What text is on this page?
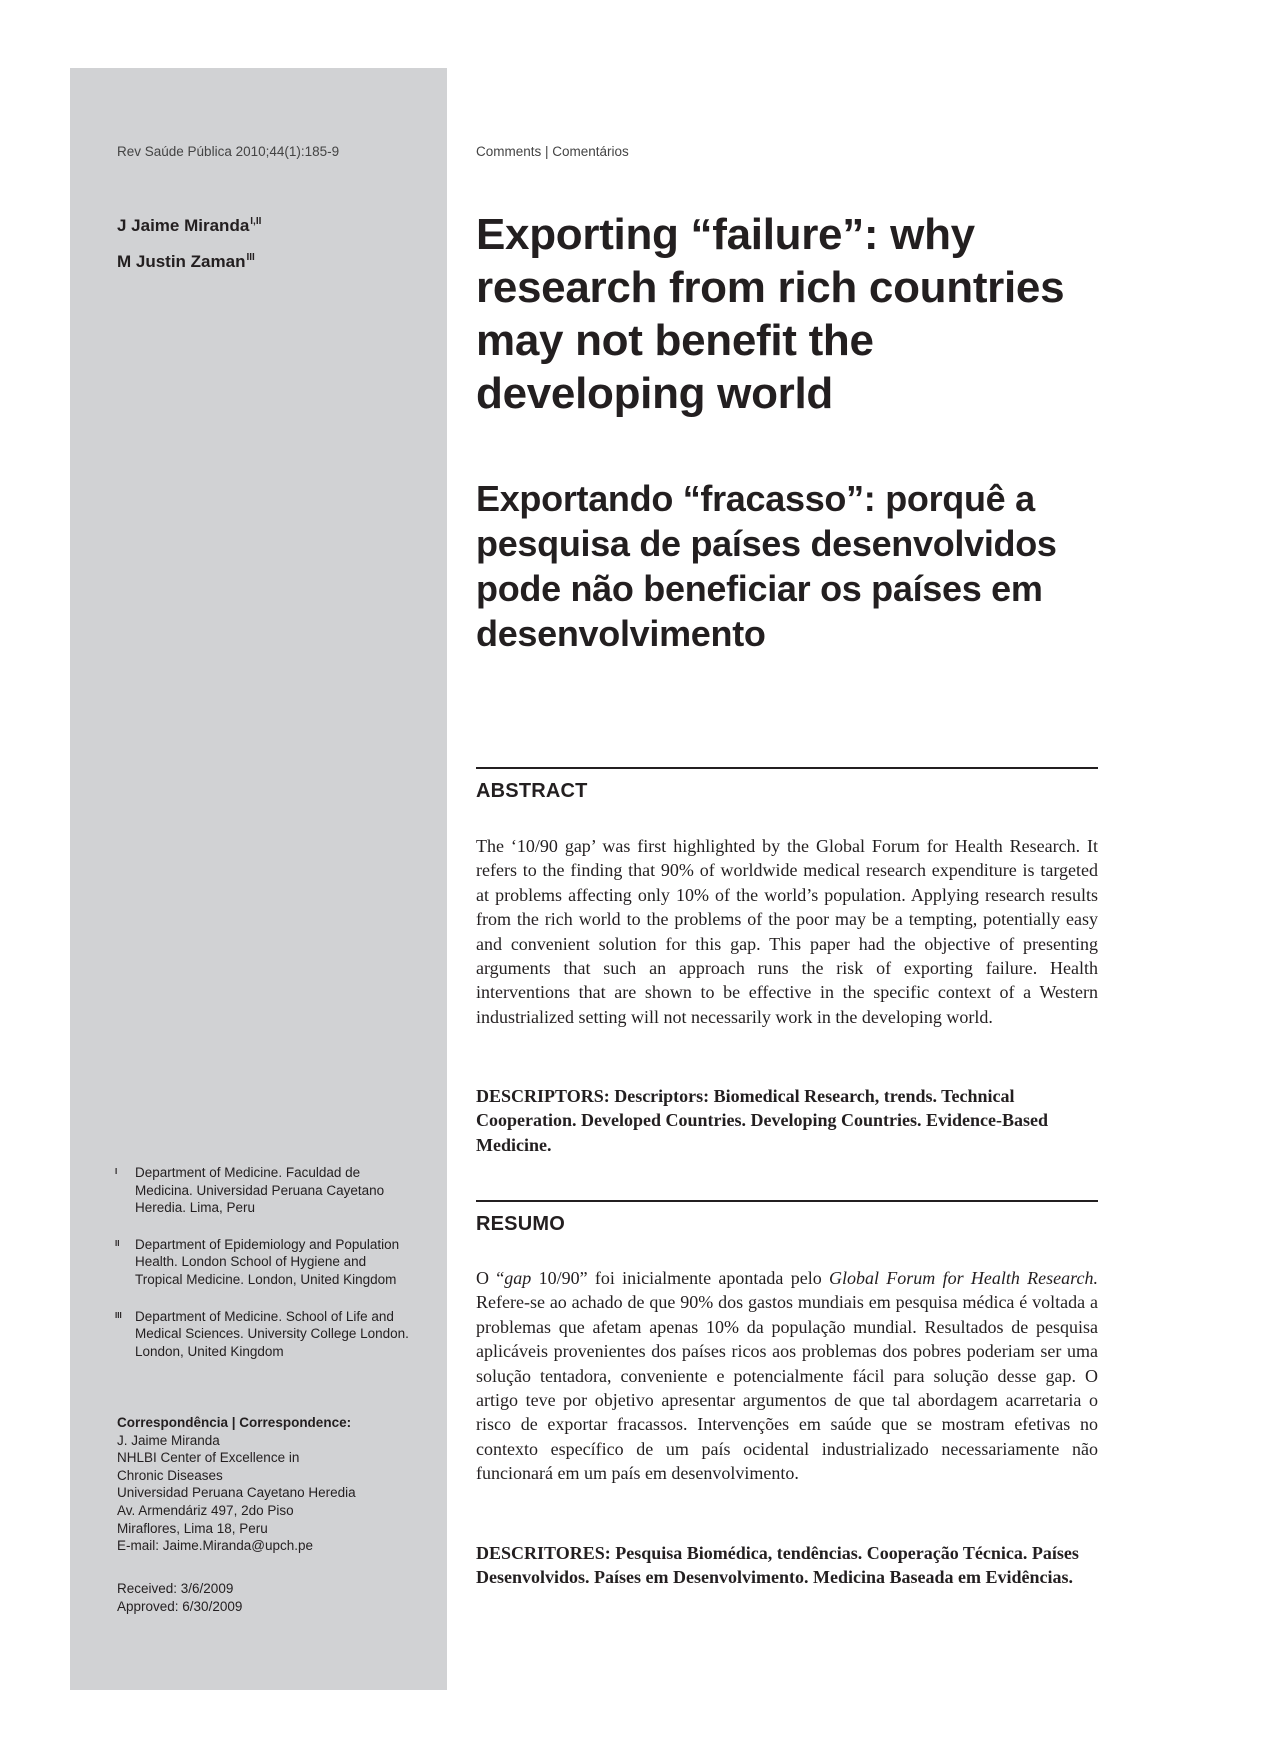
Rev Saúde Pública 2010;44(1):185-9	Comments | Comentários
J Jaime Miranda$^{I,II}$
M Justin Zaman$^{III}$	Exporting “failure”: why research from rich countries may not benefit the developing world
Exportando “fracasso”: porquê a pesquisa de países desenvolvidos pode não beneficiar os países em desenvolvimento
ABSTRACT

The ‘10/90 gap’ was first highlighted by the Global Forum for Health Research. It refers to the finding that 90% of worldwide medical research expenditure is targeted at problems affecting only 10% of the world’s population. Applying research results from the rich world to the problems of the poor may be a tempting, potentially easy and convenient solution for this gap. This paper had the objective of presenting arguments that such an approach runs the risk of exporting failure. Health interventions that are shown to be effective in the specific context of a Western industrialized setting will not necessarily work in the developing world.

DESCRIPTORS: Descriptors: Biomedical Research, trends. Technical Cooperation. Developed Countries. Developing Countries. Evidence-Based Medicine.

RESUMO

O “gap 10/90” foi inicialmente apontada pelo Global Forum for Health Research. Refere-se ao achado de que 90% dos gastos mundiais em pesquisa médica é voltada a problemas que afetam apenas 10% da população mundial. Resultados de pesquisa aplicáveis provenientes dos países ricos aos problemas dos pobres poderiam ser uma solução tentadora, conveniente e potencialmente fácil para solução desse gap. O artigo teve por objetivo apresentar argumentos de que tal abordagem acarretaria o risco de exportar fracassos. Intervenções em saúde que se mostram efetivas no contexto específico de um país ocidental industrializado necessariamente não funcionará em um país em desenvolvimento.

DESCRITORES: Pesquisa Biomédica, tendências. Cooperação Técnica. Países Desenvolvidos. Países em Desenvolvimento. Medicina Baseada em Evidências.

I Department of Medicine. Faculdad de Medicina. Universidad Peruana Cayetano Heredia. Lima, Peru
II Department of Epidemiology and Population Health. London School of Hygiene and Tropical Medicine. London, United Kingdom
III Department of Medicine. School of Life and Medical Sciences. University College London. London, United Kingdom
Correspondência | Correspondence:
J. Jaime Miranda
NHLBI Center of Excellence in
Chronic Diseases
Universidad Peruana Cayetano Heredia
Av. Armendáriz 497, 2do Piso
Miraflores, Lima 18, Peru
E-mail: Jaime.Miranda@upch.pe
Received: 3/6/2009
Approved: 6/30/2009
